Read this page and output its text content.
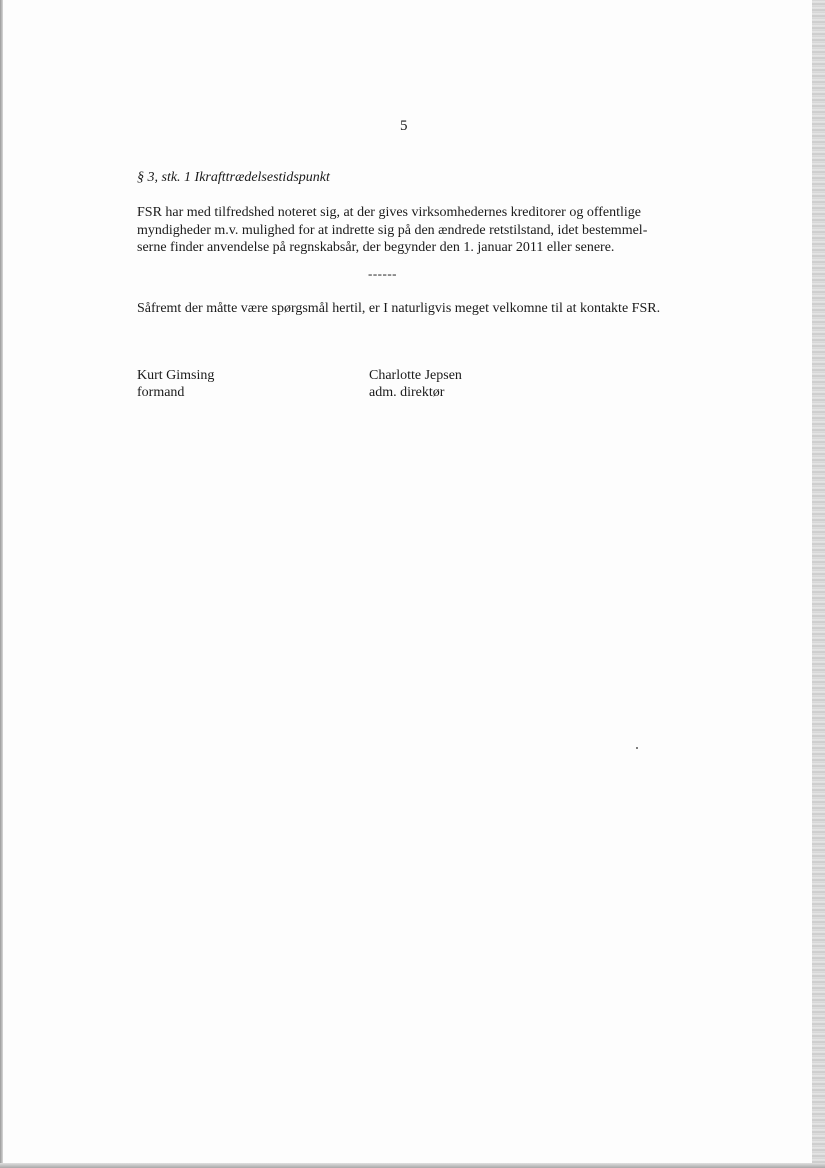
5
§ 3, stk. 1 Ikrafttrædelsestidspunkt

FSR har med tilfredshed noteret sig, at der gives virksomhedernes kreditorer og offentlige
myndigheder m.v. mulighed for at indrette sig på den ændrede retstilstand, idet bestemmel-
serne finder anvendelse på regnskabsår, der begynder den 1. januar 2011 eller senere.

------
Såfremt der måtte være spørgsmål hertil, er I naturligvis meget velkomne til at kontakte FSR.
Kurt Gimsing
formand
Charlotte Jepsen
adm. direktør
